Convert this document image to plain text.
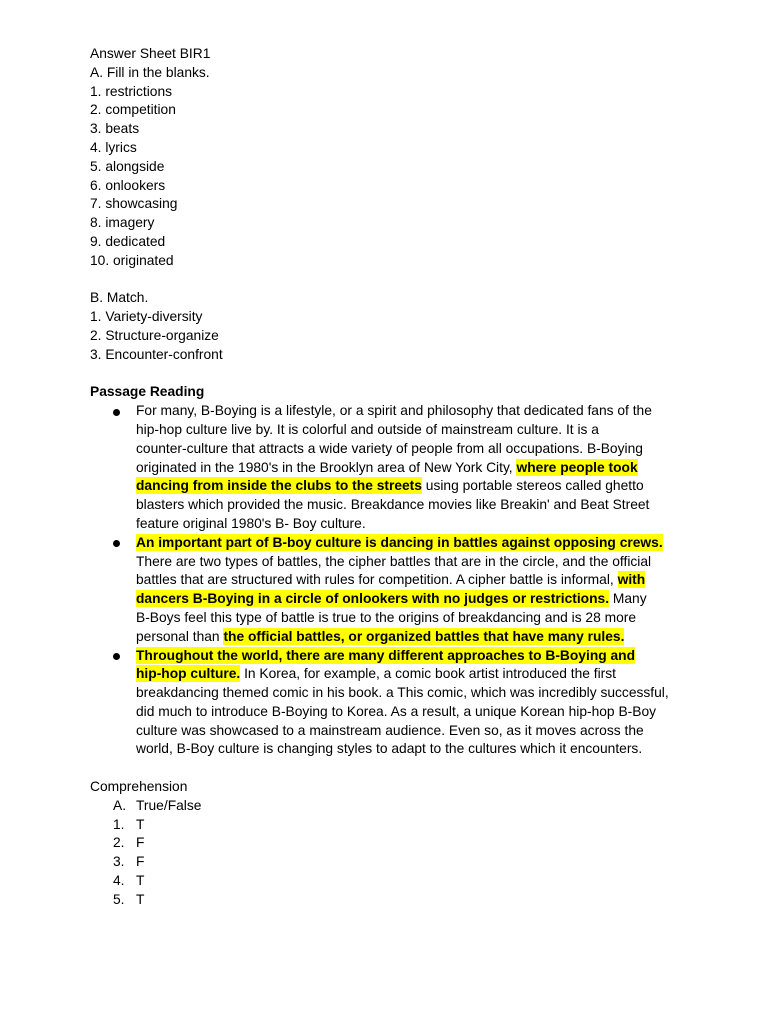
Answer Sheet BIR1
A. Fill in the blanks.
1. restrictions
2. competition
3. beats
4. lyrics
5. alongside
6. onlookers
7. showcasing
8. imagery
9. dedicated
10. originated
B. Match.
1. Variety-diversity
2. Structure-organize
3. Encounter-confront
Passage Reading
For many, B-Boying is a lifestyle, or a spirit and philosophy that dedicated fans of the hip-hop culture live by. It is colorful and outside of mainstream culture. It is a counter-culture that attracts a wide variety of people from all occupations. B-Boying originated in the 1980's in the Brooklyn area of New York City, where people took dancing from inside the clubs to the streets using portable stereos called ghetto blasters which provided the music. Breakdance movies like Breakin' and Beat Street feature original 1980's B- Boy culture.
An important part of B-boy culture is dancing in battles against opposing crews. There are two types of battles, the cipher battles that are in the circle, and the official battles that are structured with rules for competition. A cipher battle is informal, with dancers B-Boying in a circle of onlookers with no judges or restrictions. Many B-Boys feel this type of battle is true to the origins of breakdancing and is 28 more personal than the official battles, or organized battles that have many rules.
Throughout the world, there are many different approaches to B-Boying and hip-hop culture. In Korea, for example, a comic book artist introduced the first breakdancing themed comic in his book. a This comic, which was incredibly successful, did much to introduce B-Boying to Korea. As a result, a unique Korean hip-hop B-Boy culture was showcased to a mainstream audience. Even so, as it moves across the world, B-Boy culture is changing styles to adapt to the cultures which it encounters.
Comprehension
A. True/False
1. T
2. F
3. F
4. T
5. T
